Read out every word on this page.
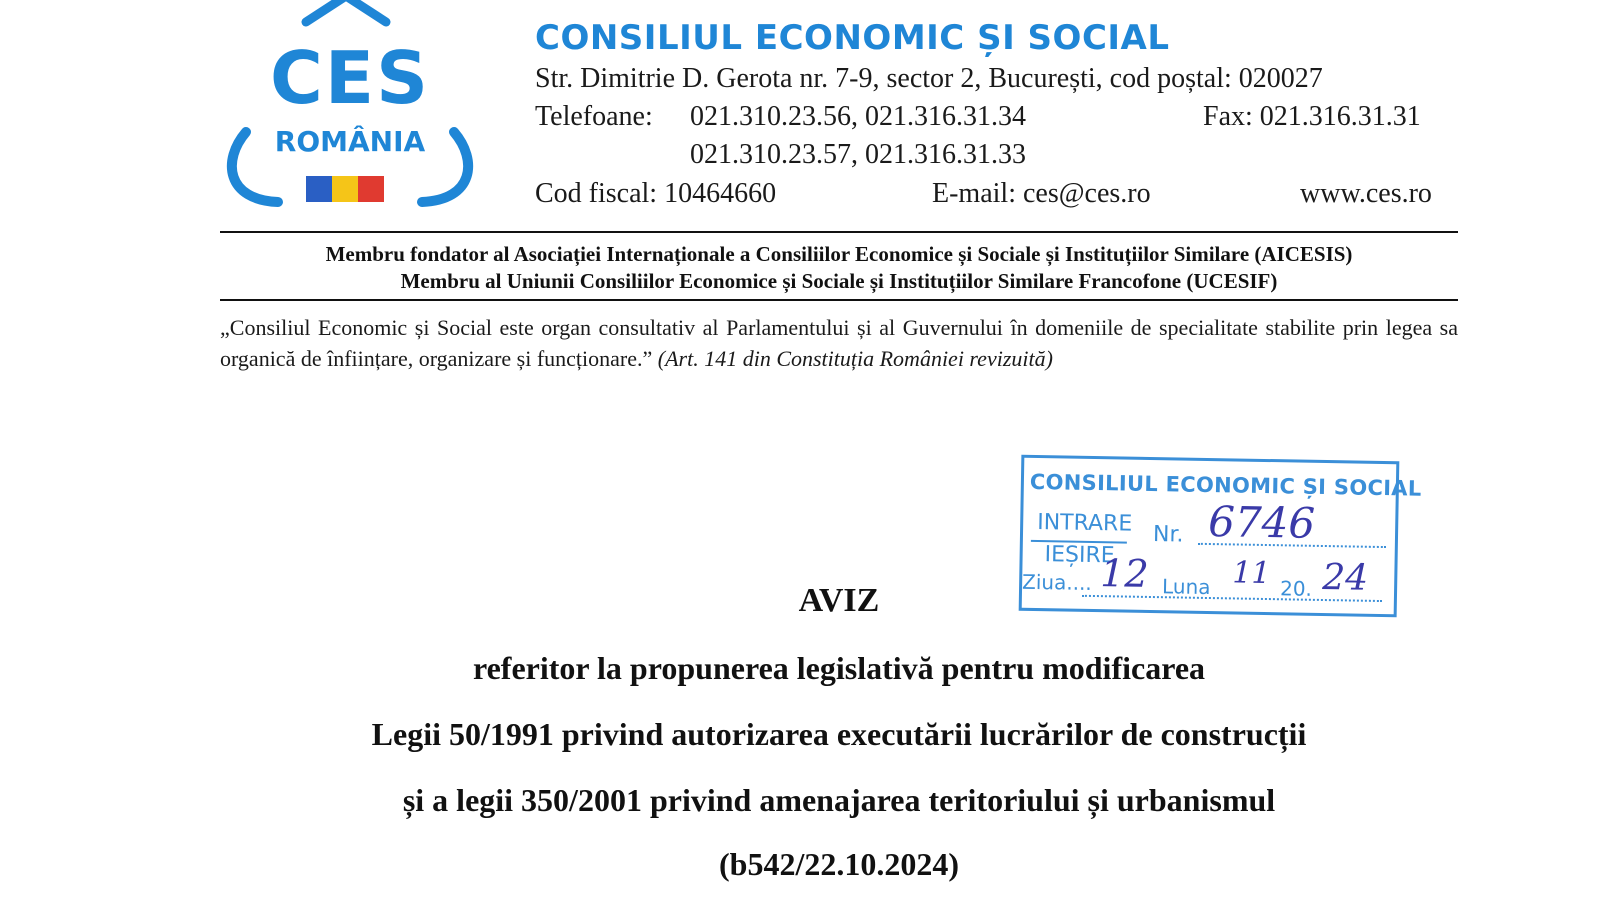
CES
ROMÂNIA
CONSILIUL ECONOMIC ȘI SOCIAL
Str. Dimitrie D. Gerota nr. 7-9, sector 2, București, cod poștal: 020027
Telefoane: 021.310.23.56, 021.316.31.34	Fax: 021.316.31.31
021.310.23.57, 021.316.31.33
Cod fiscal: 10464660	E-mail: ces@ces.ro	www.ces.ro
Membru fondator al Asociației Internaționale a Consiliilor Economice și Sociale și Instituțiilor Similare (AICESIS)
Membru al Uniunii Consiliilor Economice și Sociale și Instituțiilor Similare Francofone (UCESIF)
„Consiliul Economic și Social este organ consultativ al Parlamentului și al Guvernului în domeniile de specialitate stabilite prin legea sa organică de înființare, organizare și funcționare.” (Art. 141 din Constituția României revizuită)
CONSILIUL ECONOMIC ȘI SOCIAL
INTRARE
IEȘIRE
Nr. 6746
Ziua.... 12 Luna 11 20. 24
AVIZ
referitor la propunerea legislativă pentru modificarea
Legii 50/1991 privind autorizarea executării lucrărilor de construcții
și a legii 350/2001 privind amenajarea teritoriului și urbanismul
(b542/22.10.2024)
